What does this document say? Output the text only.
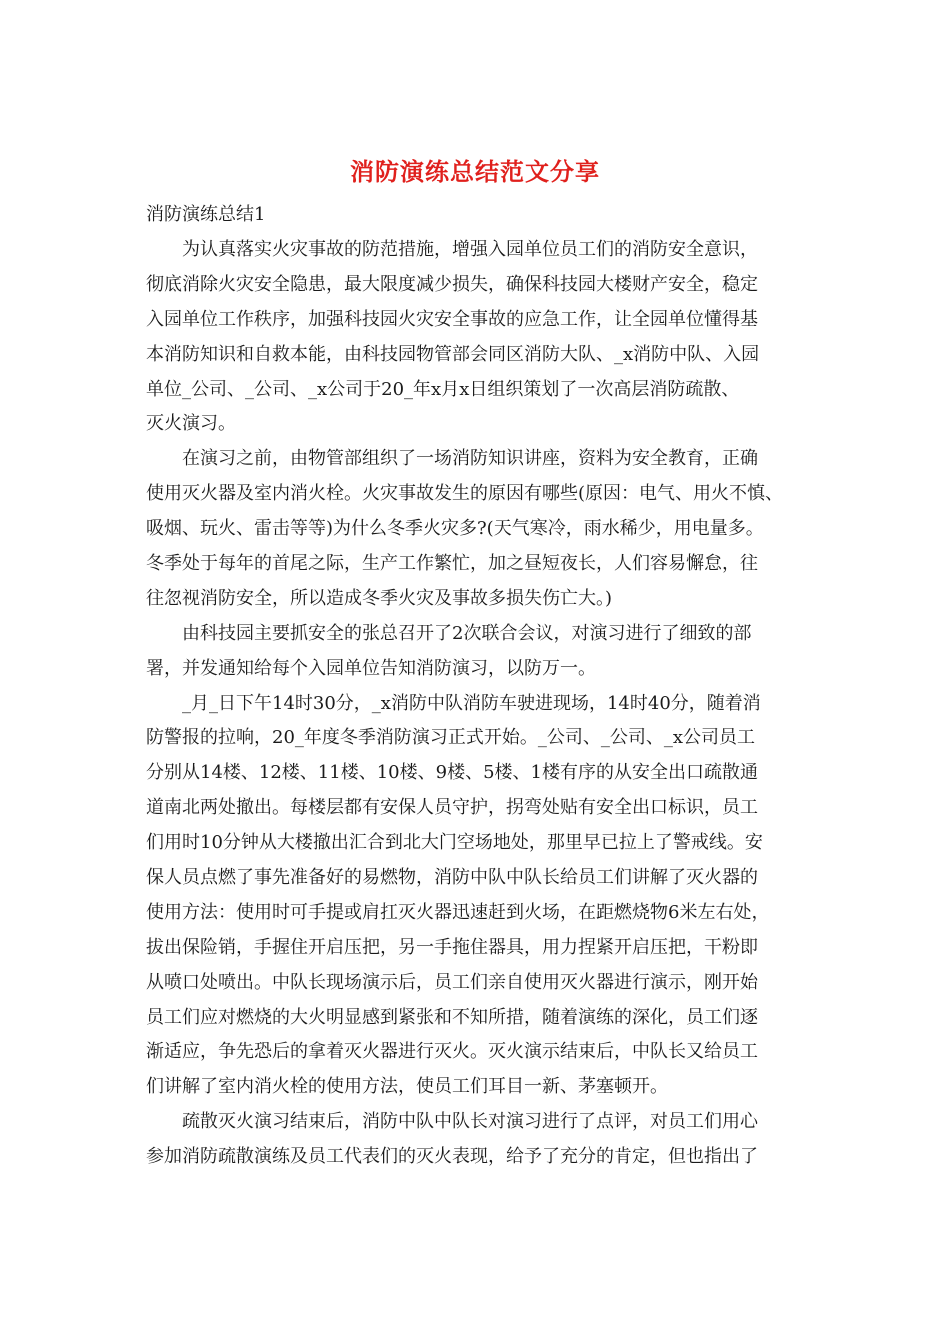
消防演练总结范文分享
消防演练总结1
为认真落实火灾事故的防范措施，增强入园单位员工们的消防安全意识，
彻底消除火灾安全隐患，最大限度减少损失，确保科技园大楼财产安全，稳定
入园单位工作秩序，加强科技园火灾安全事故的应急工作，让全园单位懂得基
本消防知识和自救本能，由科技园物管部会同区消防大队、_x消防中队、入园
单位_公司、_公司、_x公司于20_年x月x日组织策划了一次高层消防疏散、
灭火演习。
在演习之前，由物管部组织了一场消防知识讲座，资料为安全教育，正确
使用灭火器及室内消火栓。火灾事故发生的原因有哪些(原因：电气、用火不慎、
吸烟、玩火、雷击等等)为什么冬季火灾多?(天气寒冷，雨水稀少，用电量多。
冬季处于每年的首尾之际，生产工作繁忙，加之昼短夜长，人们容易懈怠，往
往忽视消防安全，所以造成冬季火灾及事故多损失伤亡大。)
由科技园主要抓安全的张总召开了2次联合会议，对演习进行了细致的部
署，并发通知给每个入园单位告知消防演习，以防万一。
_月_日下午14时30分，_x消防中队消防车驶进现场，14时40分，随着消
防警报的拉响，20_年度冬季消防演习正式开始。_公司、_公司、_x公司员工
分别从14楼、12楼、11楼、10楼、9楼、5楼、1楼有序的从安全出口疏散通
道南北两处撤出。每楼层都有安保人员守护，拐弯处贴有安全出口标识，员工
们用时10分钟从大楼撤出汇合到北大门空场地处，那里早已拉上了警戒线。安
保人员点燃了事先准备好的易燃物，消防中队中队长给员工们讲解了灭火器的
使用方法：使用时可手提或肩扛灭火器迅速赶到火场，在距燃烧物6米左右处，
拔出保险销，手握住开启压把，另一手拖住器具，用力捏紧开启压把，干粉即
从喷口处喷出。中队长现场演示后，员工们亲自使用灭火器进行演示，刚开始
员工们应对燃烧的大火明显感到紧张和不知所措，随着演练的深化，员工们逐
渐适应，争先恐后的拿着灭火器进行灭火。灭火演示结束后，中队长又给员工
们讲解了室内消火栓的使用方法，使员工们耳目一新、茅塞顿开。
疏散灭火演习结束后，消防中队中队长对演习进行了点评，对员工们用心
参加消防疏散演练及员工代表们的灭火表现，给予了充分的肯定，但也指出了
